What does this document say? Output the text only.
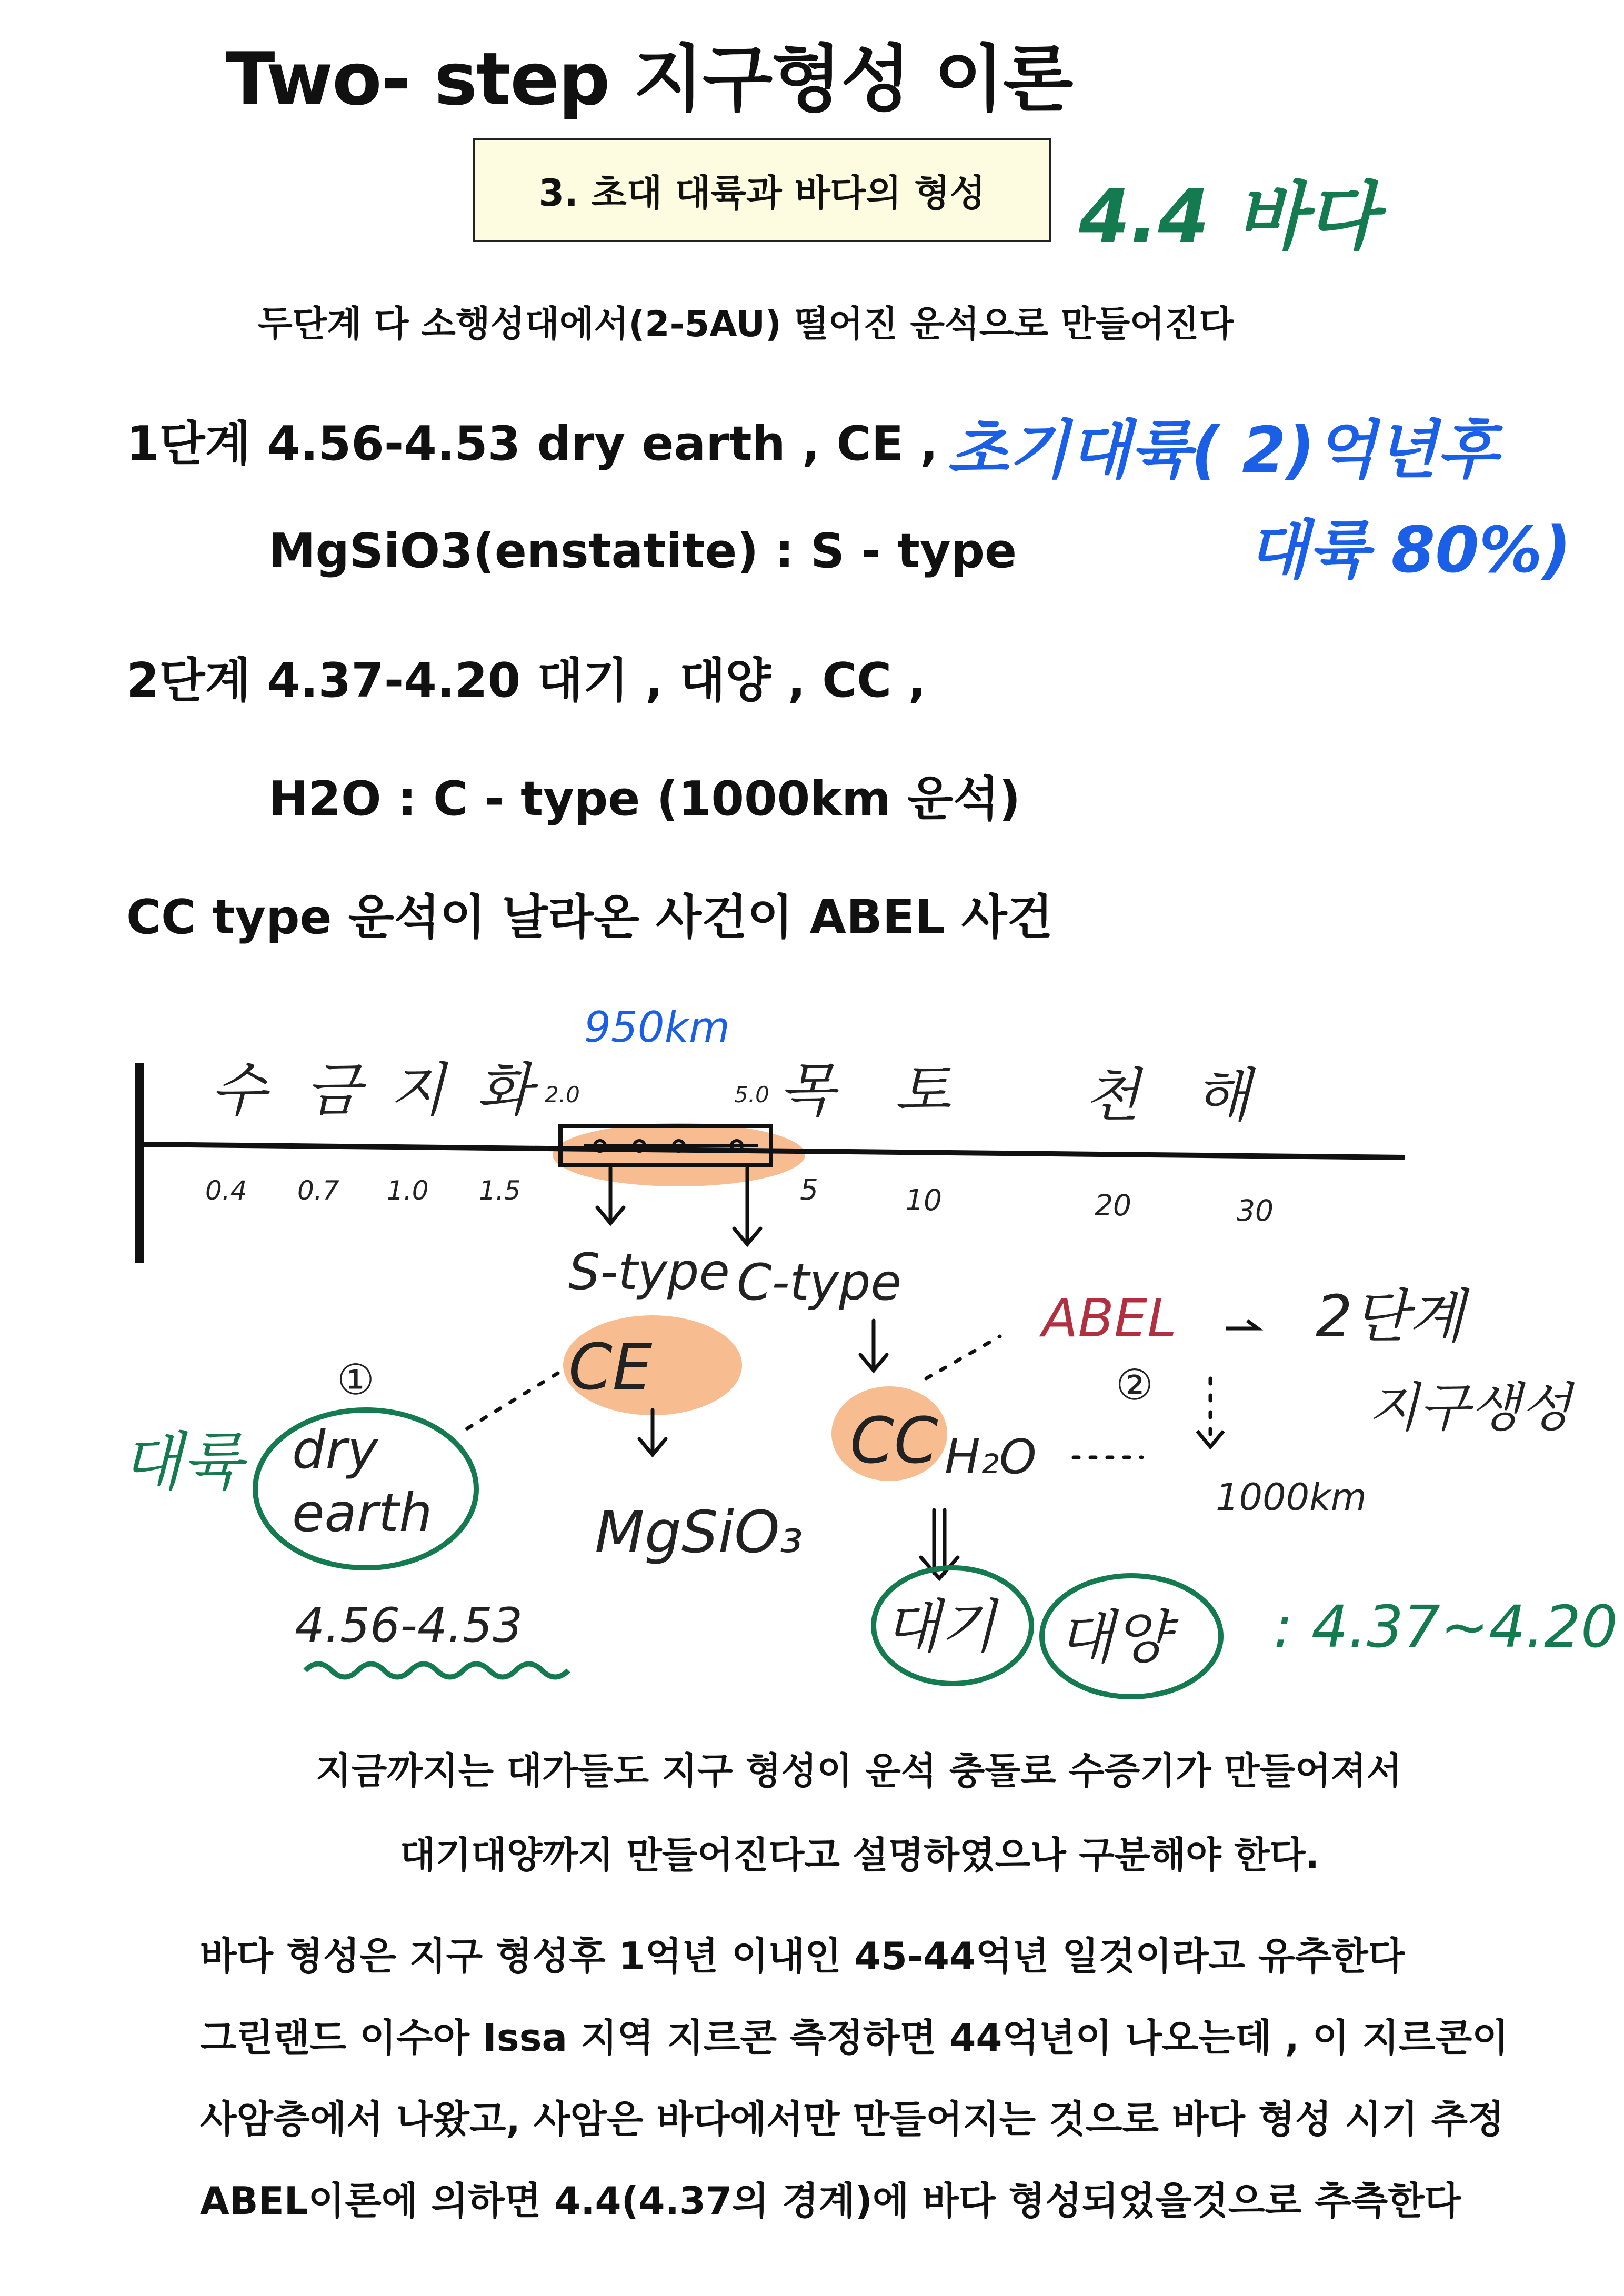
Two- step 지구형성 이론
3. 초대 대륙과 바다의 형성 4.4 바다
두단계 다 소행성대에서(2-5AU) 떨어진 운석으로 만들어진다
1단계 4.56-4.53 dry earth , CE ,
MgSiO3(enstatite) : S - type
2단계 4.37-4.20 대기 , 대양 , CC ,
H2O : C - type (1000km 운석)
CC type 운석이 날라온 사건이 ABEL 사건
초기대륙( 2)억년후
대륙 80%)
수 금 지 화 2.0	5.0 목 토 천 해
950km
0.4 0.7 1.0 1.5	5	10	20	30
S-type C-type
CE
CC H₂O
ABEL 2단계
지구생성
②
1000km
①
dry
earth	MgSiO₃
4.56-4.53
대륙
대기 대양 : 4.37~4.20
지금까지는 대가들도 지구 형성이 운석 충돌로 수증기가 만들어져서
대기대양까지 만들어진다고 설명하였으나 구분해야 한다.
바다 형성은 지구 형성후 1억년 이내인 45-44억년 일것이라고 유추한다
그린랜드 이수아 Issa 지역 지르콘 측정하면 44억년이 나오는데 , 이 지르콘이
사암층에서 나왔고, 사암은 바다에서만 만들어지는 것으로 바다 형성 시기 추정
ABEL이론에 의하면 4.4(4.37의 경계)에 바다 형성되었을것으로 추측한다
